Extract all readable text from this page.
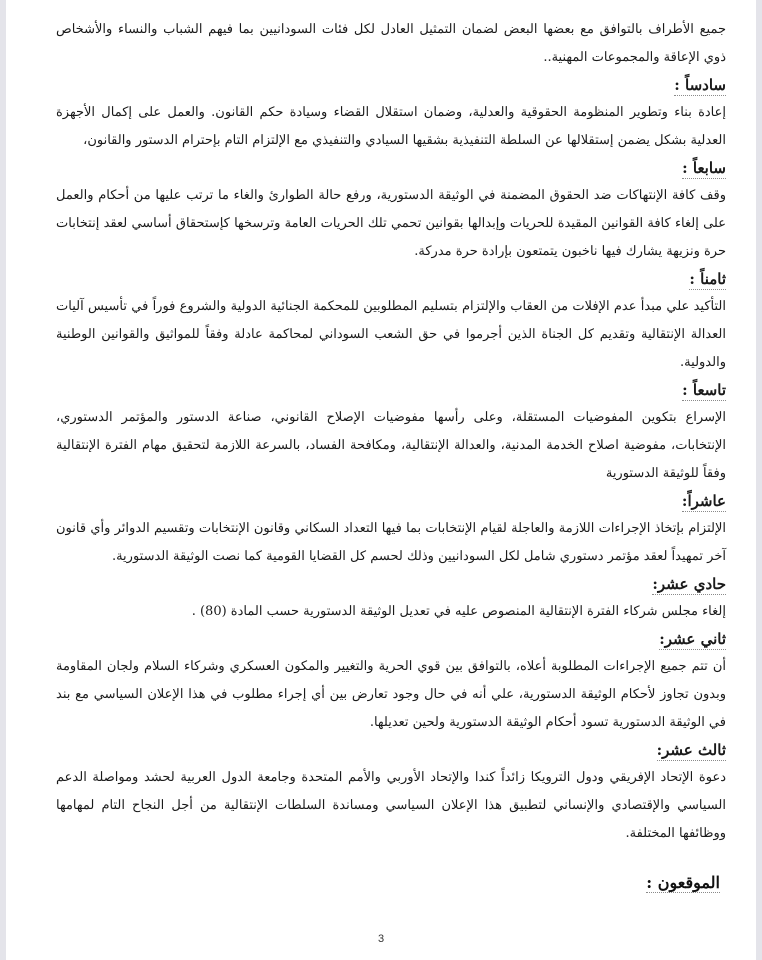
جميع الأطراف بالتوافق مع بعضها البعض لضمان التمثيل العادل لكل فئات السودانيين بما فيهم الشباب والنساء والأشخاص ذوي الإعاقة والمجموعات المهنية..

سادساً :

إعادة بناء وتطوير المنظومة الحقوقية والعدلية، وضمان استقلال القضاء وسيادة حكم القانون. والعمل على إكمال الأجهزة العدلية بشكل يضمن إستقلالها عن السلطة التنفيذية بشقيها السيادي والتنفيذي مع الإلتزام التام بإحترام الدستور والقانون،

سابعاً :

وقف كافة الإنتهاكات ضد الحقوق المضمنة في الوثيقة الدستورية، ورفع حالة الطوارئ والغاء ما ترتب عليها من أحكام والعمل على إلغاء كافة القوانين المقيدة للحريات وإبدالها بقوانين تحمي تلك الحريات العامة وترسخها كإستحقاق أساسي لعقد إنتخابات حرة ونزيهة يشارك فيها ناخبون يتمتعون بإرادة حرة مدركة.

ثامناً :

التأكيد علي مبدأ عدم الإفلات من العقاب والإلتزام بتسليم المطلوبين للمحكمة الجنائية الدولية والشروع فوراً في تأسيس آليات العدالة الإنتقالية وتقديم كل الجناة الذين أجرموا في حق الشعب السوداني لمحاكمة عادلة وفقاً للمواثيق والقوانين الوطنية والدولية.

تاسعاً :

الإسراع بتكوين المفوضيات المستقلة، وعلى رأسها مفوضيات الإصلاح القانوني، صناعة الدستور والمؤتمر الدستوري، الإنتخابات، مفوضية اصلاح الخدمة المدنية، والعدالة الإنتقالية، ومكافحة الفساد، بالسرعة اللازمة لتحقيق مهام الفترة الإنتقالية وفقاً للوثيقة الدستورية

عاشراً:

الإلتزام بإتخاذ الإجراءات اللازمة والعاجلة لقيام الإنتخابات بما فيها التعداد السكاني وقانون الإنتخابات وتقسيم الدوائر وأي قانون آخر تمهيداً لعقد مؤتمر دستوري شامل لكل السودانيين وذلك لحسم كل القضايا القومية كما نصت الوثيقة الدستورية.

حادي عشر:

إلغاء مجلس شركاء الفترة الإنتقالية المنصوص عليه في تعديل الوثيقة الدستورية حسب المادة (80) .

ثاني عشر:

أن تتم جميع الإجراءات المطلوبة أعلاه، بالتوافق بين قوي الحرية والتغيير والمكون العسكري وشركاء السلام ولجان المقاومة وبدون تجاوز لأحكام الوثيقة الدستورية، علي أنه في حال وجود تعارض بين أي إجراء مطلوب في هذا الإعلان السياسي مع بند في الوثيقة الدستورية تسود أحكام الوثيقة الدستورية ولحين تعديلها.

ثالث عشر:

دعوة الإتحاد الإفريقي ودول الترويكا زائداً كندا والإتحاد الأوربي والأمم المتحدة وجامعة الدول العربية لحشد ومواصلة الدعم السياسي والإقتصادي والإنساني لتطبيق هذا الإعلان السياسي ومساندة السلطات الإنتقالية من أجل النجاح التام لمهامها ووظائفها المختلفة.

الموقعون :
3
